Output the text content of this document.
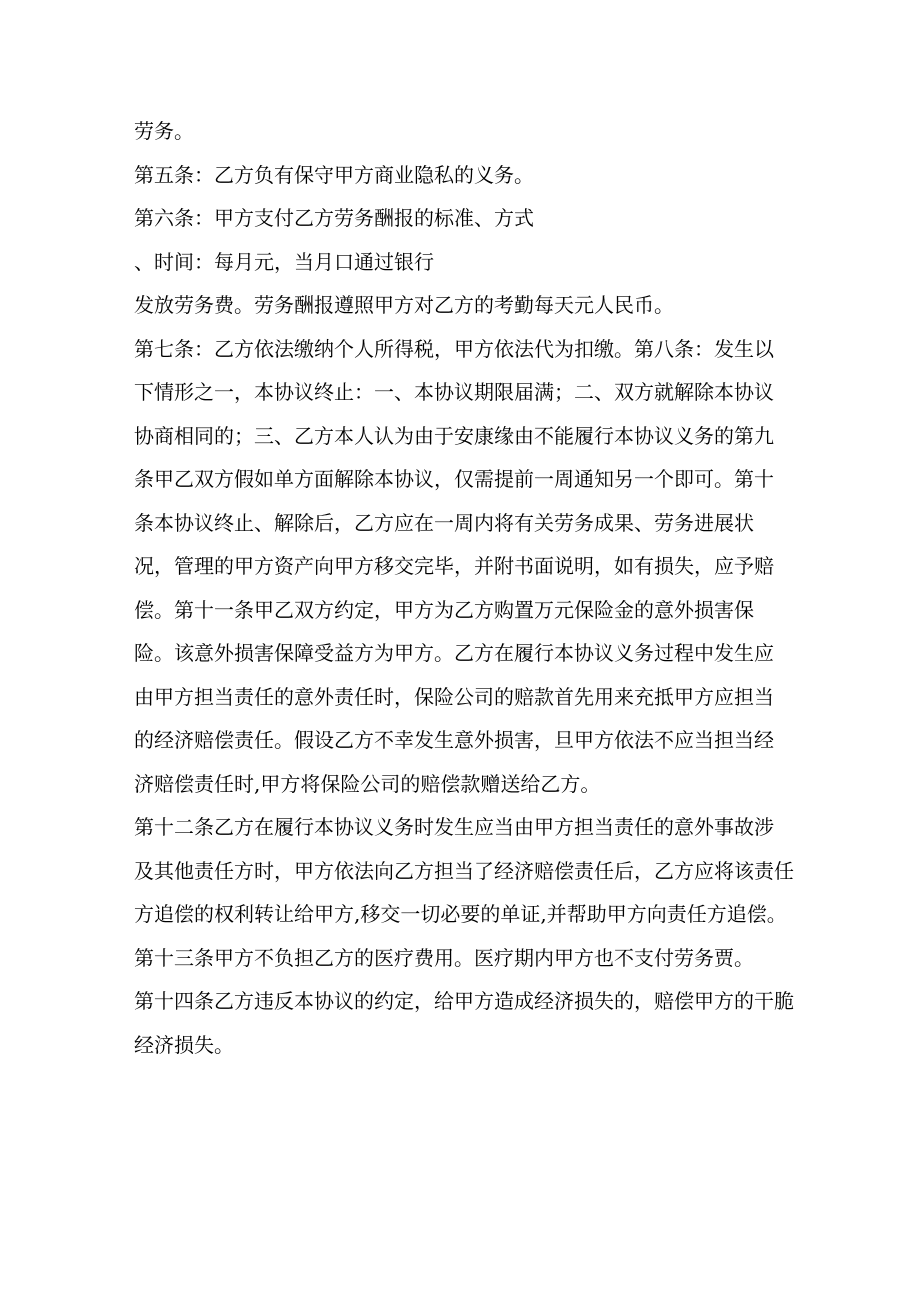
劳务。
第五条：乙方负有保守甲方商业隐私的义务。
第六条：甲方支付乙方劳务酬报的标准、方式
、时间：每月元，当月口通过银行
发放劳务费。劳务酬报遵照甲方对乙方的考勤每天元人民币。
第七条：乙方依法缴纳个人所得税，甲方依法代为扣缴。第八条：发生以
下情形之一，本协议终止：一、本协议期限届满；二、双方就解除本协议
协商相同的；三、乙方本人认为由于安康缘由不能履行本协议义务的第九
条甲乙双方假如单方面解除本协议，仅需提前一周通知另一个即可。第十
条本协议终止、解除后，乙方应在一周内将有关劳务成果、劳务进展状
况，管理的甲方资产向甲方移交完毕，并附书面说明，如有损失，应予赔
偿。第十一条甲乙双方约定，甲方为乙方购置万元保险金的意外损害保
险。该意外损害保障受益方为甲方。乙方在履行本协议义务过程中发生应
由甲方担当责任的意外责任时，保险公司的赔款首先用来充抵甲方应担当
的经济赔偿责任。假设乙方不幸发生意外损害，旦甲方依法不应当担当经
济赔偿责任时,甲方将保险公司的赔偿款赠送给乙方。
第十二条乙方在履行本协议义务时发生应当由甲方担当责任的意外事故涉
及其他责任方时，甲方依法向乙方担当了经济赔偿责任后，乙方应将该责任
方追偿的权利转让给甲方,移交一切必要的单证,并帮助甲方向责任方追偿。
第十三条甲方不负担乙方的医疗费用。医疗期内甲方也不支付劳务贾。
第十四条乙方违反本协议的约定，给甲方造成经济损失的，赔偿甲方的干脆
经济损失。
